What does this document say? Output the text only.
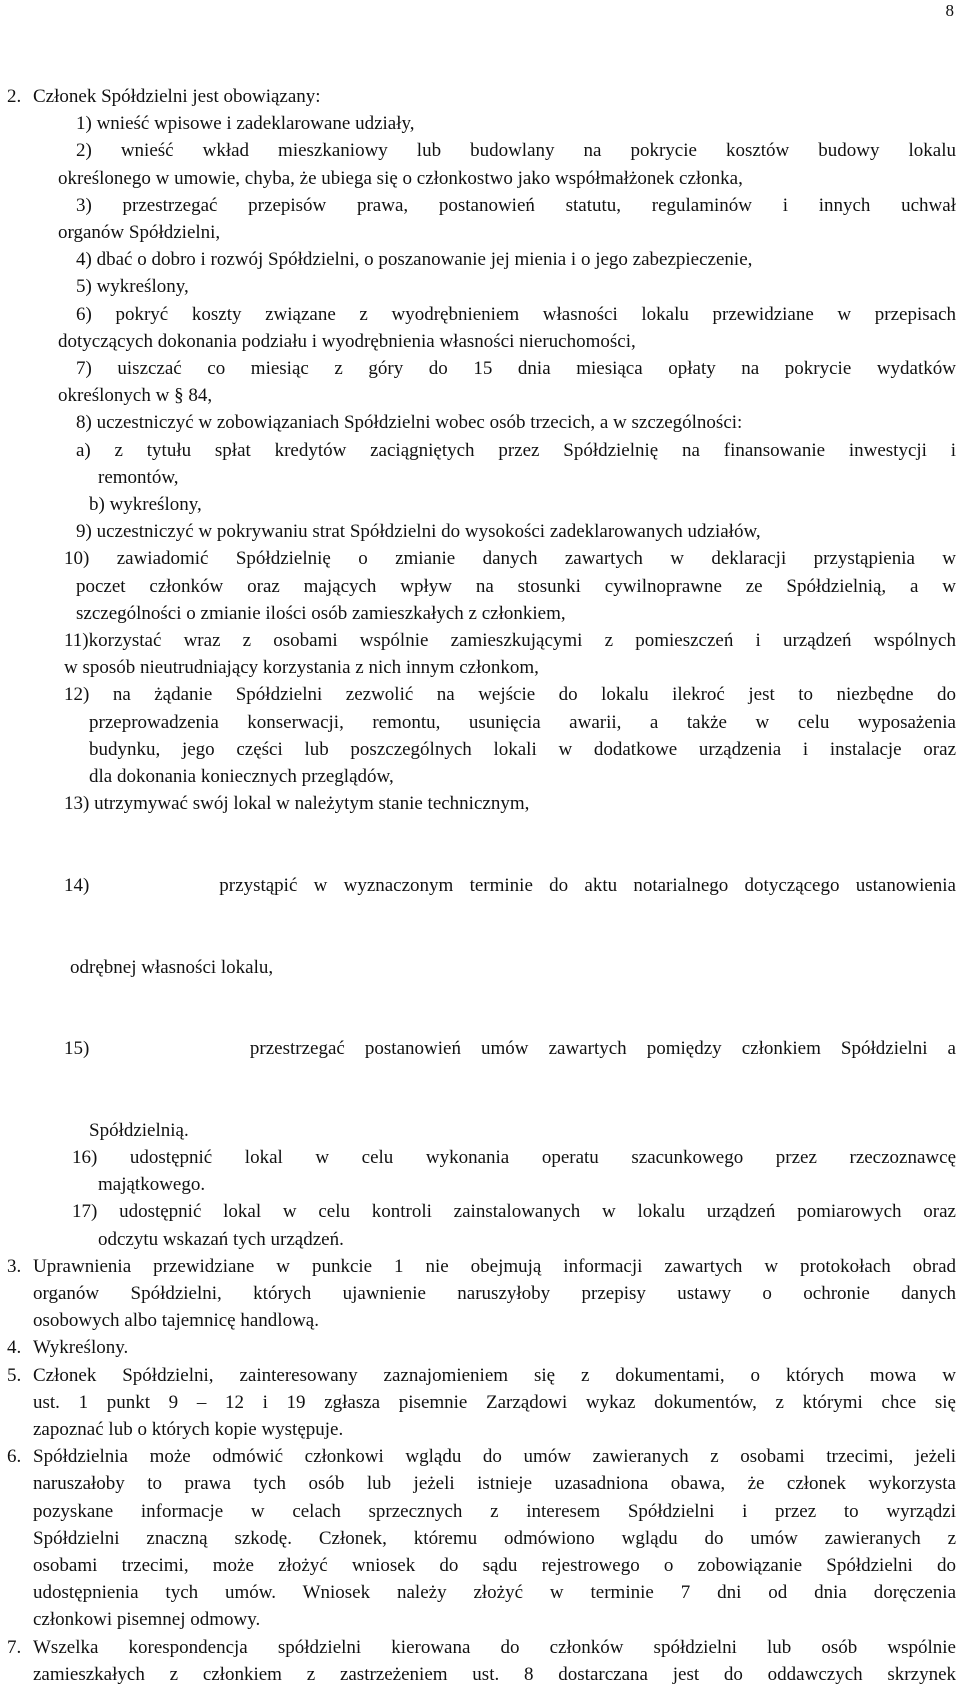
8
2. Członek Spółdzielni jest obowiązany:
1) wnieść wpisowe i zadeklarowane udziały,
2) wnieść wkład mieszkaniowy lub budowlany na pokrycie kosztów budowy lokalu
określonego w umowie, chyba, że ubiega się o członkostwo jako współmałżonek członka,
3) przestrzegać przepisów prawa, postanowień statutu, regulaminów i innych uchwał
organów Spółdzielni,
4) dbać o dobro i rozwój Spółdzielni, o poszanowanie jej mienia i o jego zabezpieczenie,
5) wykreślony,
6) pokryć koszty związane z wyodrębnieniem własności lokalu przewidziane w przepisach
dotyczących dokonania podziału i wyodrębnienia własności nieruchomości,
7) uiszczać co miesiąc z góry do 15 dnia miesiąca opłaty na pokrycie wydatków
określonych w § 84,
8) uczestniczyć w zobowiązaniach Spółdzielni wobec osób trzecich, a w szczególności:
a) z tytułu spłat kredytów zaciągniętych przez Spółdzielnię na finansowanie inwestycji i
remontów,
b) wykreślony,
9) uczestniczyć w pokrywaniu strat Spółdzielni do wysokości zadeklarowanych udziałów,
10) zawiadomić Spółdzielnię o zmianie danych zawartych w deklaracji przystąpienia w
poczet członków oraz mających wpływ na stosunki cywilnoprawne ze Spółdzielnią, a w
szczególności o zmianie ilości osób zamieszkałych z członkiem,
11)korzystać wraz z osobami wspólnie zamieszkującymi z pomieszczeń i urządzeń wspólnych
w sposób nieutrudniający korzystania z nich innym członkom,
12) na żądanie Spółdzielni zezwolić na wejście do lokalu ilekroć jest to niezbędne do
przeprowadzenia konserwacji, remontu, usunięcia awarii, a także w celu wyposażenia
budynku, jego części lub poszczególnych lokali w dodatkowe urządzenia i instalacje oraz
dla dokonania koniecznych przeglądów,
13) utrzymywać swój lokal w należytym stanie technicznym,

14)        przystąpić w wyznaczonym terminie do aktu notarialnego dotyczącego ustanowienia

odrębnej własności lokalu,

15)        przestrzegać postanowień umów zawartych pomiędzy członkiem Spółdzielni a

Spółdzielnią.
16) udostępnić lokal w celu wykonania operatu szacunkowego przez rzeczoznawcę
majątkowego.
17) udostępnić lokal w celu kontroli zainstalowanych w lokalu urządzeń pomiarowych oraz
odczytu wskazań tych urządzeń.
3. Uprawnienia przewidziane w punkcie 1 nie obejmują informacji zawartych w protokołach obrad
organów Spółdzielni, których ujawnienie naruszyłoby przepisy ustawy o ochronie danych
osobowych albo tajemnicę handlową.
4. Wykreślony.
5. Członek Spółdzielni, zainteresowany zaznajomieniem się z dokumentami, o których mowa w
ust. 1 punkt 9 – 12 i 19 zgłasza pisemnie Zarządowi wykaz dokumentów, z którymi chce się
zapoznać lub o których kopie występuje.
6. Spółdzielnia może odmówić członkowi wglądu do umów zawieranych z osobami trzecimi, jeżeli
naruszałoby to prawa tych osób lub jeżeli istnieje uzasadniona obawa, że członek wykorzysta
pozyskane informacje w celach sprzecznych z interesem Spółdzielni i przez to wyrządzi
Spółdzielni znaczną szkodę. Członek, któremu odmówiono wglądu do umów zawieranych z
osobami trzecimi, może złożyć wniosek do sądu rejestrowego o zobowiązanie Spółdzielni do
udostępnienia tych umów. Wniosek należy złożyć w terminie 7 dni od dnia doręczenia
członkowi pisemnej odmowy.
7. Wszelka korespondencja spółdzielni kierowana do członków spółdzielni lub osób wspólnie
zamieszkałych z członkiem z zastrzeżeniem ust. 8 dostarczana jest do oddawczych skrzynek
